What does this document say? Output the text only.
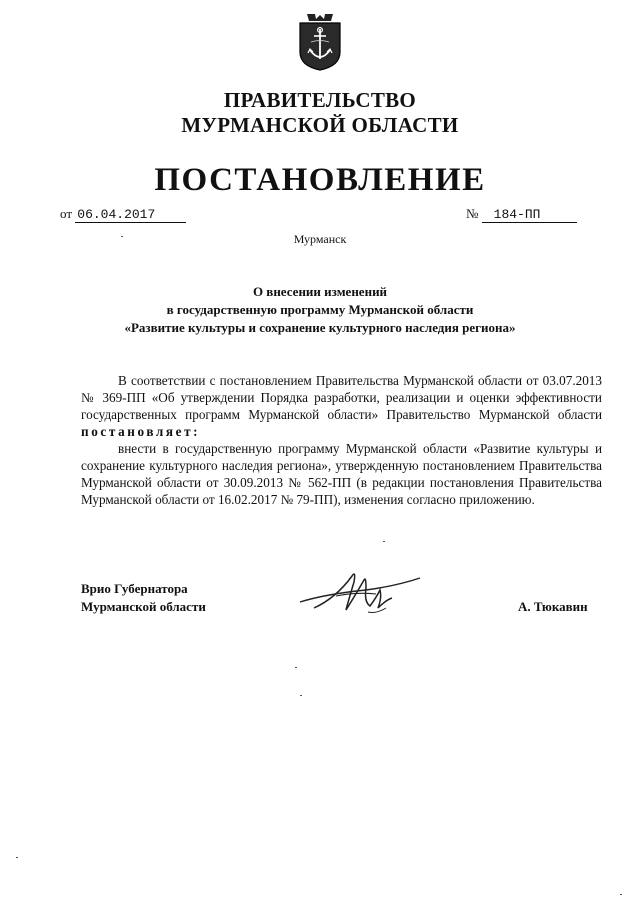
ПРАВИТЕЛЬСТВО
МУРМАНСКОЙ ОБЛАСТИ
ПОСТАНОВЛЕНИЕ
от 06.04.2017	№ 184-ПП
Мурманск
О внесении изменений
в государственную программу Мурманской области
«Развитие культуры и сохранение культурного наследия региона»

В соответствии с постановлением Правительства Мурманской области от 03.07.2013 № 369-ПП «Об утверждении Порядка разработки, реализации и оценки эффективности государственных программ Мурманской области» Правительство Мурманской области постановляет:

внести в государственную программу Мурманской области «Развитие культуры и сохранение культурного наследия региона», утвержденную постановлением Правительства Мурманской области от 30.09.2013 № 562-ПП (в редакции постановления Правительства Мурманской области от 16.02.2017 № 79-ПП), изменения согласно приложению.

Врио Губернатора
Мурманской области	А. Тюкавин
